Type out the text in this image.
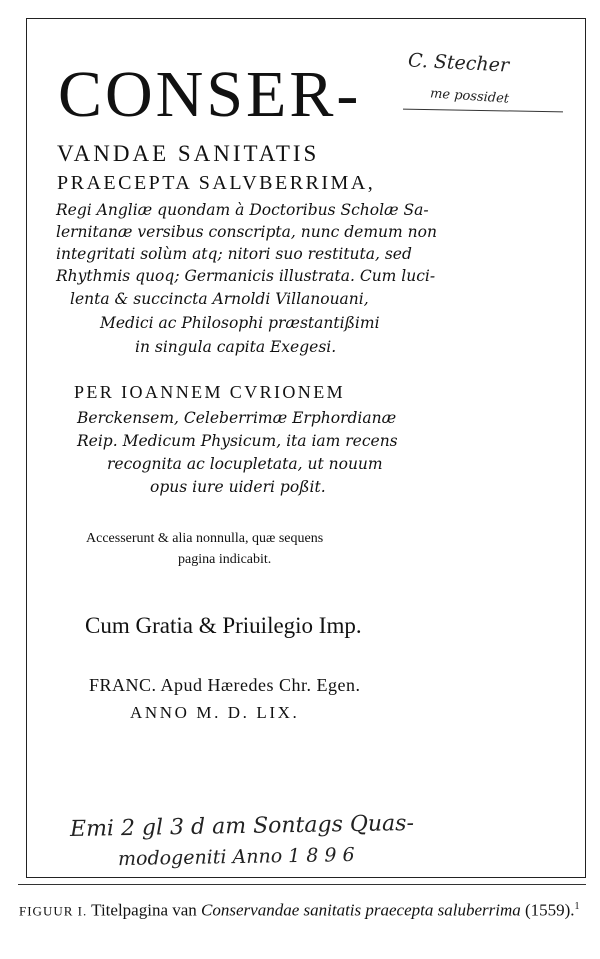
C. Stecher
me possidet
CONSER-
VANDAE SANITATIS
PRAECEPTA SALVBERRIMA,
Regi Angliæ quondam à Doctoribus Scholæ Sa-
lernitanæ versibus conscripta, nunc demum non
integritati solùm atq; nitori suo restituta, sed
Rhythmis quoq; Germanicis illustrata. Cum luci-
lenta & succincta Arnoldi Villanouani,
Medici ac Philosophi præstantißimi
in singula capita Exegesi.
PER IOANNEM CVRIONEM
Berckensem, Celeberrimæ Erphordianæ
Reip. Medicum Physicum, ita iam recens
recognita ac locupletata, ut nouum
opus iure uideri poßit.
Accesserunt & alia nonnulla, quæ sequens
pagina indicabit.
Cum Gratia & Priuilegio Imp.
FRANC. Apud Hæredes Chr. Egen.
ANNO M. D. LIX.
Emi 2 gl 3 d am Sontags Quas-
modogeniti Anno 1 8 9 6
FIGUUR I. Titelpagina van Conservandae sanitatis praecepta saluberrima (1559).$^1$
